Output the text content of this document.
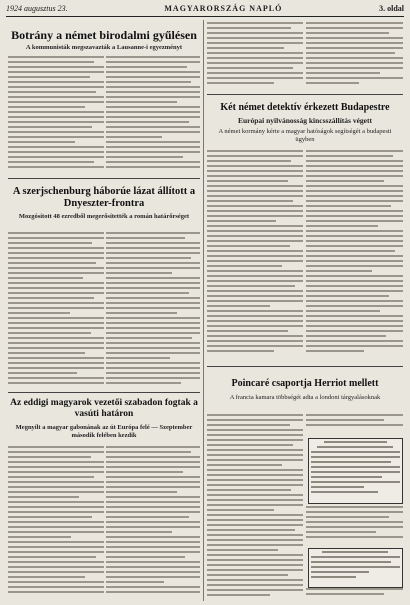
1924 augusztus 23.	MAGYARORSZÁG NAPLÓ	3. oldal
Botrány a német birodalmi gyűlésen
A kommunisták megszavazták a Lausanne-i egyezményt
A szerjschenburg háborúe lázat állított a Dnyeszter-frontra
Mozgósított 48 ezredből megerősítették a román határőrséget
Az eddigi magyarok vezetői szabadon fogtak a vasúti határon
Megnyílt a magyar gabonának az út Európa felé — Szeptember második felében kezdik
Két német detektív érkezett Budapestre
Európai nyilvánosság kincsszállítás végett
A német kormány kérte a magyar hatóságok segítségét a budapesti ügyben
Poincaré csaportja Herriot mellett
A francia kamara többségét adta a londoni tárgyalásoknak
